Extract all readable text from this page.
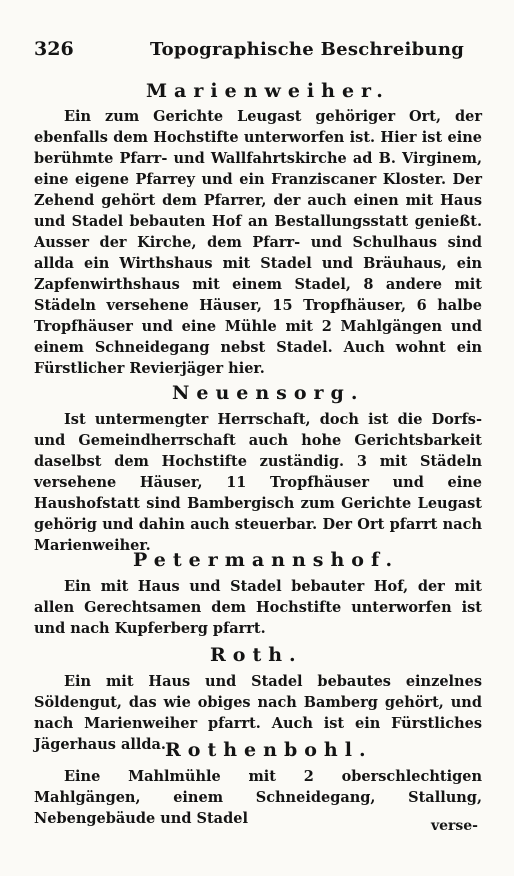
326	Topographische Beschreibung
Marienweiher.

Ein zum Gerichte Leugast gehöriger Ort, der ebenfalls dem Hochstifte unterworfen ist. Hier ist eine berühmte Pfarr- und Wallfahrtskirche ad B. Virginem, eine eigene Pfarrey und ein Franziscaner Kloster. Der Zehend gehört dem Pfarrer, der auch einen mit Haus und Stadel bebauten Hof an Bestallungsstatt genießt. Ausser der Kirche, dem Pfarr- und Schulhaus sind allda ein Wirthshaus mit Stadel und Bräuhaus, ein Zapfenwirthshaus mit einem Stadel, 8 andere mit Städeln versehene Häuser, 15 Tropfhäuser, 6 halbe Tropfhäuser und eine Mühle mit 2 Mahlgängen und einem Schneidegang nebst Stadel. Auch wohnt ein Fürstlicher Revierjäger hier.

Neuensorg.

Ist untermengter Herrschaft, doch ist die Dorfs- und Gemeindherrschaft auch hohe Gerichtsbarkeit daselbst dem Hochstifte zuständig. 3 mit Städeln versehene Häuser, 11 Tropfhäuser und eine Haushofstatt sind Bambergisch zum Gerichte Leugast gehörig und dahin auch steuerbar. Der Ort pfarrt nach Marienweiher.

Petermannshof.

Ein mit Haus und Stadel bebauter Hof, der mit allen Gerechtsamen dem Hochstifte unterworfen ist und nach Kupferberg pfarrt.

Roth.

Ein mit Haus und Stadel bebautes einzelnes Söldengut, das wie obiges nach Bamberg gehört, und nach Marienweiher pfarrt. Auch ist ein Fürstliches Jägerhaus allda. Rothenbohl.

Eine Mahlmühle mit 2 oberschlechtigen Mahlgängen, einem Schneidegang, Stallung, Nebengebäude und Stadel	verse-
